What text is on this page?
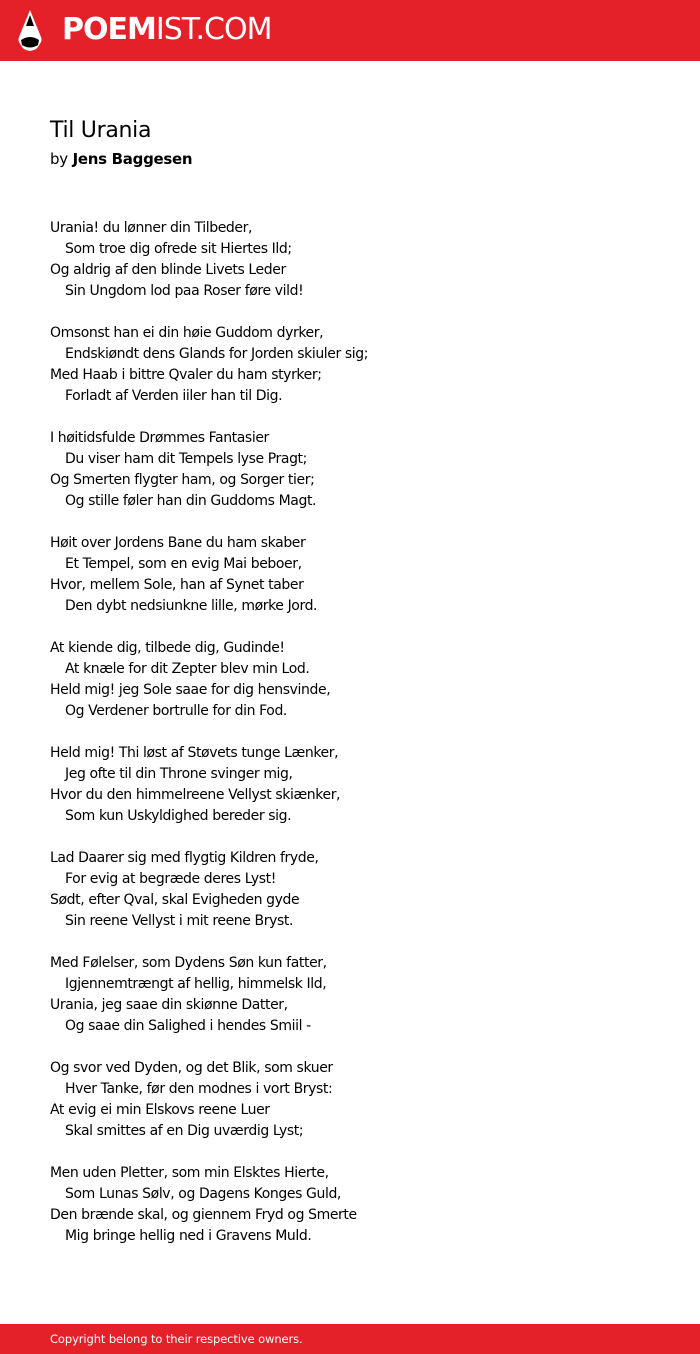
POEMIST.COM
Til Urania
by Jens Baggesen
Urania! du lønner din Tilbeder,
Som troe dig ofrede sit Hiertes Ild;
Og aldrig af den blinde Livets Leder
Sin Ungdom lod paa Roser føre vild!
Omsonst han ei din høie Guddom dyrker,
Endskiøndt dens Glands for Jorden skiuler sig;
Med Haab i bittre Qvaler du ham styrker;
Forladt af Verden iiler han til Dig.
I høitidsfulde Drømmes Fantasier
Du viser ham dit Tempels lyse Pragt;
Og Smerten flygter ham, og Sorger tier;
Og stille føler han din Guddoms Magt.
Høit over Jordens Bane du ham skaber
Et Tempel, som en evig Mai beboer,
Hvor, mellem Sole, han af Synet taber
Den dybt nedsiunkne lille, mørke Jord.
At kiende dig, tilbede dig, Gudinde!
At knæle for dit Zepter blev min Lod.
Held mig! jeg Sole saae for dig hensvinde,
Og Verdener bortrulle for din Fod.
Held mig! Thi løst af Støvets tunge Lænker,
Jeg ofte til din Throne svinger mig,
Hvor du den himmelreene Vellyst skiænker,
Som kun Uskyldighed bereder sig.
Lad Daarer sig med flygtig Kildren fryde,
For evig at begræde deres Lyst!
Sødt, efter Qval, skal Evigheden gyde
Sin reene Vellyst i mit reene Bryst.
Med Følelser, som Dydens Søn kun fatter,
Igjennemtrængt af hellig, himmelsk Ild,
Urania, jeg saae din skiønne Datter,
Og saae din Salighed i hendes Smiil -
Og svor ved Dyden, og det Blik, som skuer
Hver Tanke, før den modnes i vort Bryst:
At evig ei min Elskovs reene Luer
Skal smittes af en Dig uværdig Lyst;
Men uden Pletter, som min Elsktes Hierte,
Som Lunas Sølv, og Dagens Konges Guld,
Den brænde skal, og giennem Fryd og Smerte
Mig bringe hellig ned i Gravens Muld.
Copyright belong to their respective owners.
